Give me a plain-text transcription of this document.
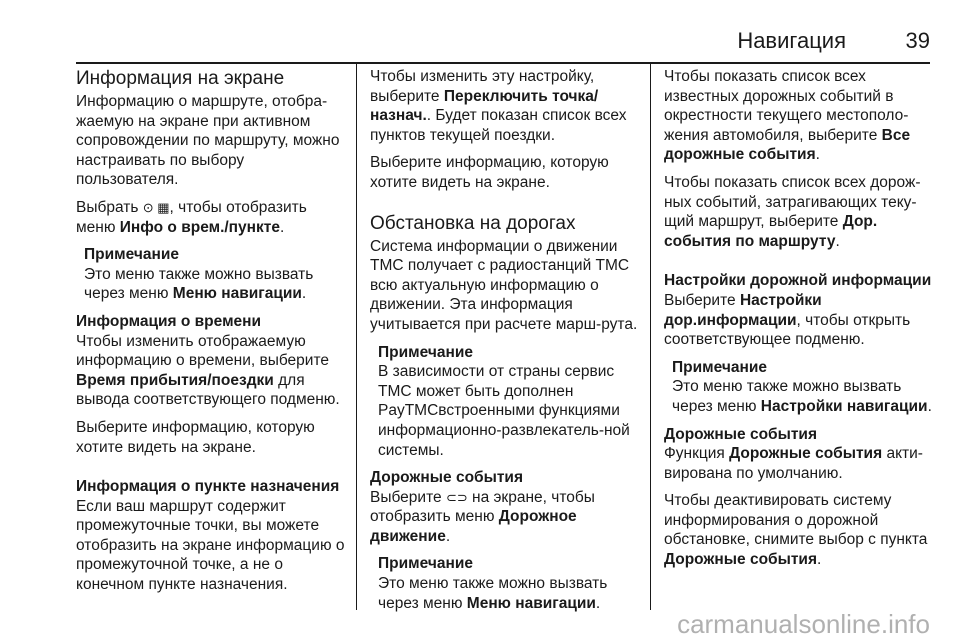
Навигация	39
Информация на экране

Информацию о маршруте, отобра-жаемую на экране при активном сопровождении по маршруту, можно настраивать по выбору пользователя.

Выбрать ⊙ ▦, чтобы отобразить меню Инфо о врем./пункте.

Примечание
Это меню также можно вызвать через меню Меню навигации.
Информация о времени

Чтобы изменить отображаемую информацию о времени, выберите Время прибытия/поездки для вывода соответствующего подменю.

Выберите информацию, которую хотите видеть на экране.

Информация о пункте назначения

Если ваш маршрут содержит промежуточные точки, вы можете отобразить на экране информацию о промежуточной точке, а не о конечном пункте назначения.

Чтобы изменить эту настройку, выберите Переключить точка/назнач.. Будет показан список всех пунктов текущей поездки.

Выберите информацию, которую хотите видеть на экране.

Обстановка на дорогах

Система информации о движении TMC получает с радиостанций TMC всю актуальную информацию о движении. Эта информация учитывается при расчете марш-рута.

Примечание
В зависимости от страны сервис TMC может быть дополнен PayTMCвстроенными функциями информационно-развлекатель-ной системы.
Дорожные события

Выберите ⊂⊃ на экране, чтобы отобразить меню Дорожное движение.

Примечание
Это меню также можно вызвать через меню Меню навигации.

Чтобы показать список всех известных дорожных событий в окрестности текущего местополо-жения автомобиля, выберите Все дорожные события.

Чтобы показать список всех дорож-ных событий, затрагивающих теку-щий маршрут, выберите Дор. события по маршруту.

Настройки дорожной информации

Выберите Настройки дор.информации, чтобы открыть соответствующее подменю.

Примечание
Это меню также можно вызвать через меню Настройки навигации.
Дорожные события

Функция Дорожные события акти-вирована по умолчанию.

Чтобы деактивировать систему информирования о дорожной обстановке, снимите выбор с пункта Дорожные события.

carmanualsonline.info
